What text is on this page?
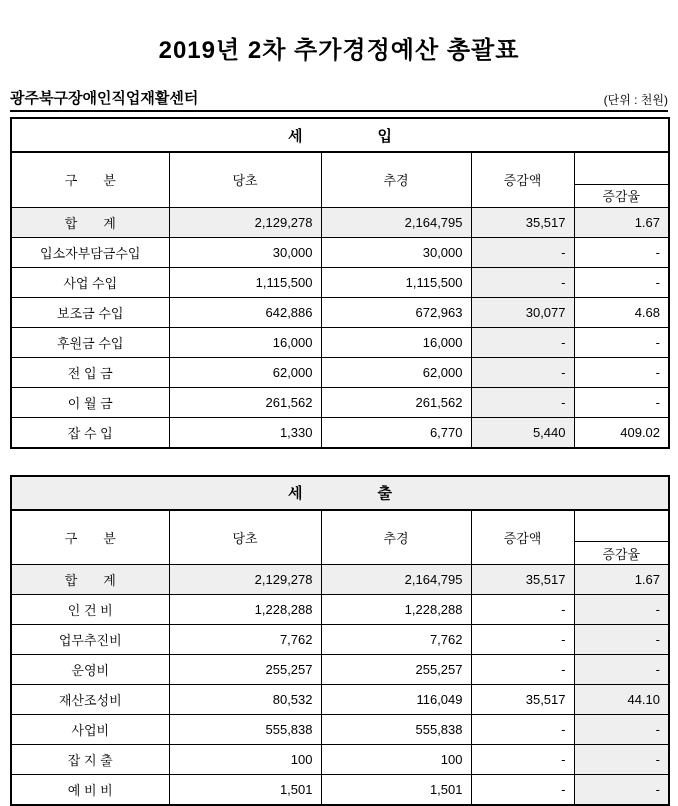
2019년 2차 추가경정예산 총괄표
광주북구장애인직업재활센터	(단위 : 천원)
세　　　　　입				
구　　분	당초	추경	증감액	
				증감율
합　　계	2,129,278	2,164,795	35,517	1.67
입소자부담금수입	30,000	30,000	-	-
사업 수입	1,115,500	1,115,500	-	-
보조금 수입	642,886	672,963	30,077	4.68
후원금 수입	16,000	16,000	-	-
전 입 금	62,000	62,000	-	-
이 월 금	261,562	261,562	-	-
잡 수 입	1,330	6,770	5,440	409.02
세　　　　　출				
구　　분	당초	추경	증감액	
				증감율
합　　계	2,129,278	2,164,795	35,517	1.67
인 건 비	1,228,288	1,228,288	-	-
업무추진비	7,762	7,762	-	-
운영비	255,257	255,257	-	-
재산조성비	80,532	116,049	35,517	44.10
사업비	555,838	555,838	-	-
잡 지 출	100	100	-	-
예 비 비	1,501	1,501	-	-
